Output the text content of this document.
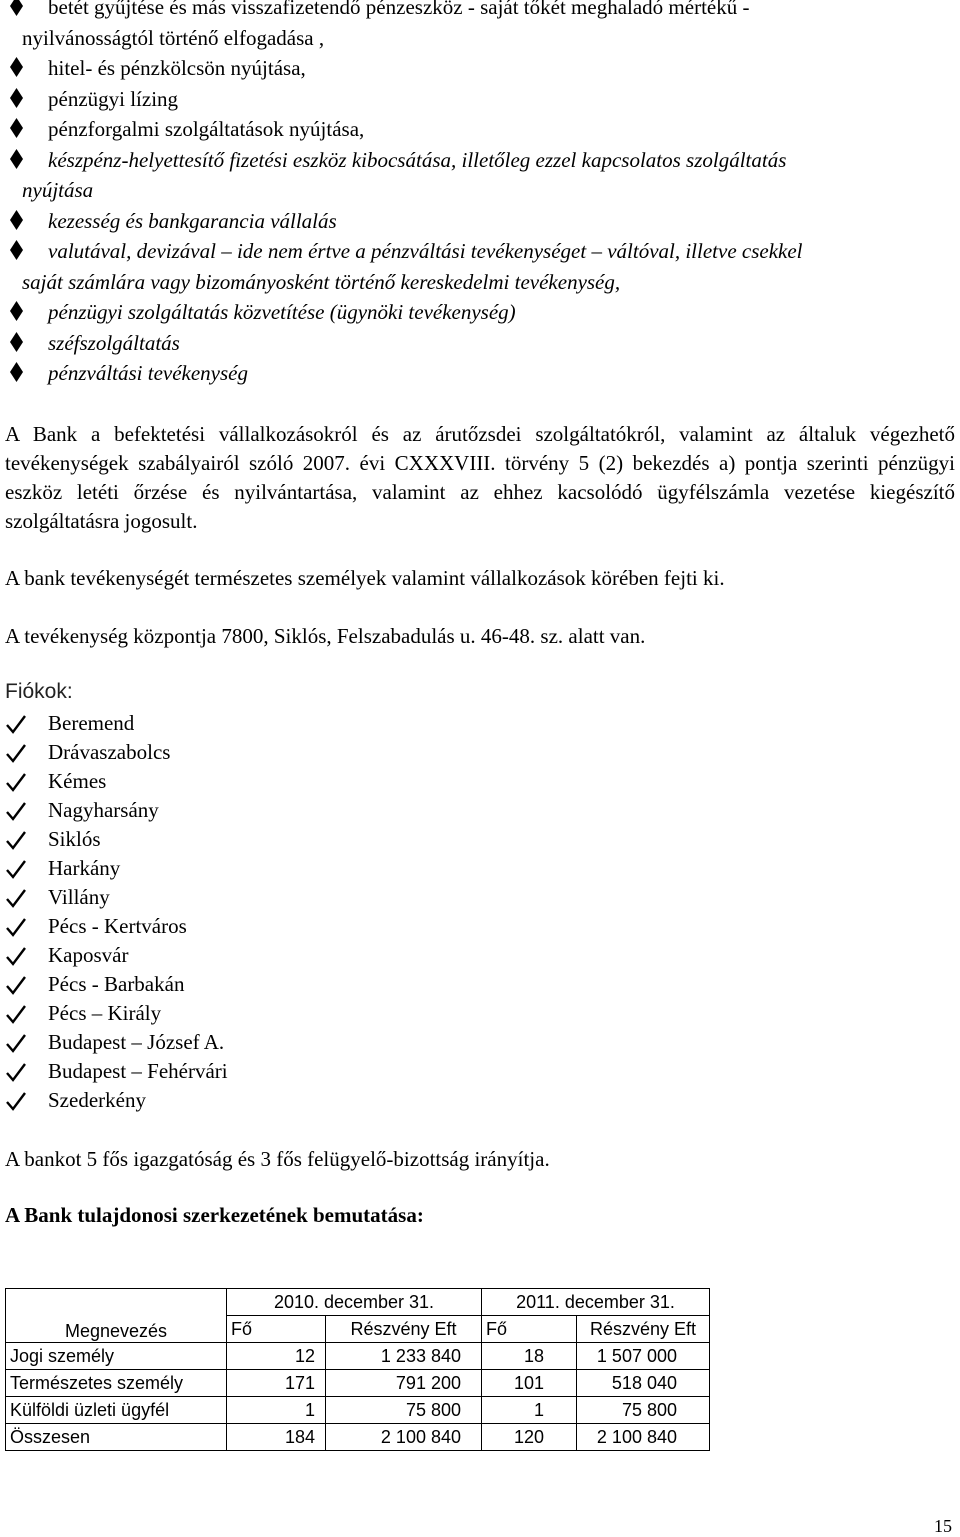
betét gyűjtése és más visszafizetendő pénzeszköz - saját tőkét meghaladó mértékű -
nyilvánosságtól történő elfogadása ,
hitel- és pénzkölcsön nyújtása,
pénzügyi lízing
pénzforgalmi szolgáltatások nyújtása,
készpénz-helyettesítő fizetési eszköz kibocsátása, illetőleg ezzel kapcsolatos szolgáltatás
nyújtása
kezesség és bankgarancia vállalás
valutával, devizával – ide nem értve a pénzváltási tevékenységet – váltóval, illetve csekkel
saját számlára vagy bizományosként történő kereskedelmi tevékenység,
pénzügyi szolgáltatás közvetítése (ügynöki tevékenység)
széfszolgáltatás
pénzváltási tevékenység
A Bank a befektetési vállalkozásokról és az árutőzsdei szolgáltatókról, valamint az általuk végezhető tevékenységek szabályairól szóló 2007. évi CXXXVIII. törvény 5 (2) bekezdés a) pontja szerinti pénzügyi eszköz letéti őrzése és nyilvántartása, valamint az ehhez kacsolódó ügyfélszámla vezetése kiegészítő szolgáltatásra jogosult.
A bank tevékenységét természetes személyek valamint vállalkozások körében fejti ki.
A tevékenység központja 7800, Siklós, Felszabadulás u. 46-48. sz. alatt van.
Fiókok:
Beremend
Drávaszabolcs
Kémes
Nagyharsány
Siklós
Harkány
Villány
Pécs - Kertváros
Kaposvár
Pécs - Barbakán
Pécs – Király
Budapest – József A.
Budapest – Fehérvári
Szederkény
A bankot 5 fős igazgatóság és 3 fős felügyelő-bizottság irányítja.
A Bank tulajdonosi szerkezetének bemutatása:
	2010. december 31.		2011. december 31.	
Megnevezés	Fő	Részvény Eft	Fő	Részvény Eft
Jogi személy	12	1 233 840	18	1 507 000
Természetes személy	171	791 200	101	518 040
Külföldi üzleti ügyfél	1	75 800	1	75 800
Összesen	184	2 100 840	120	2 100 840
15
